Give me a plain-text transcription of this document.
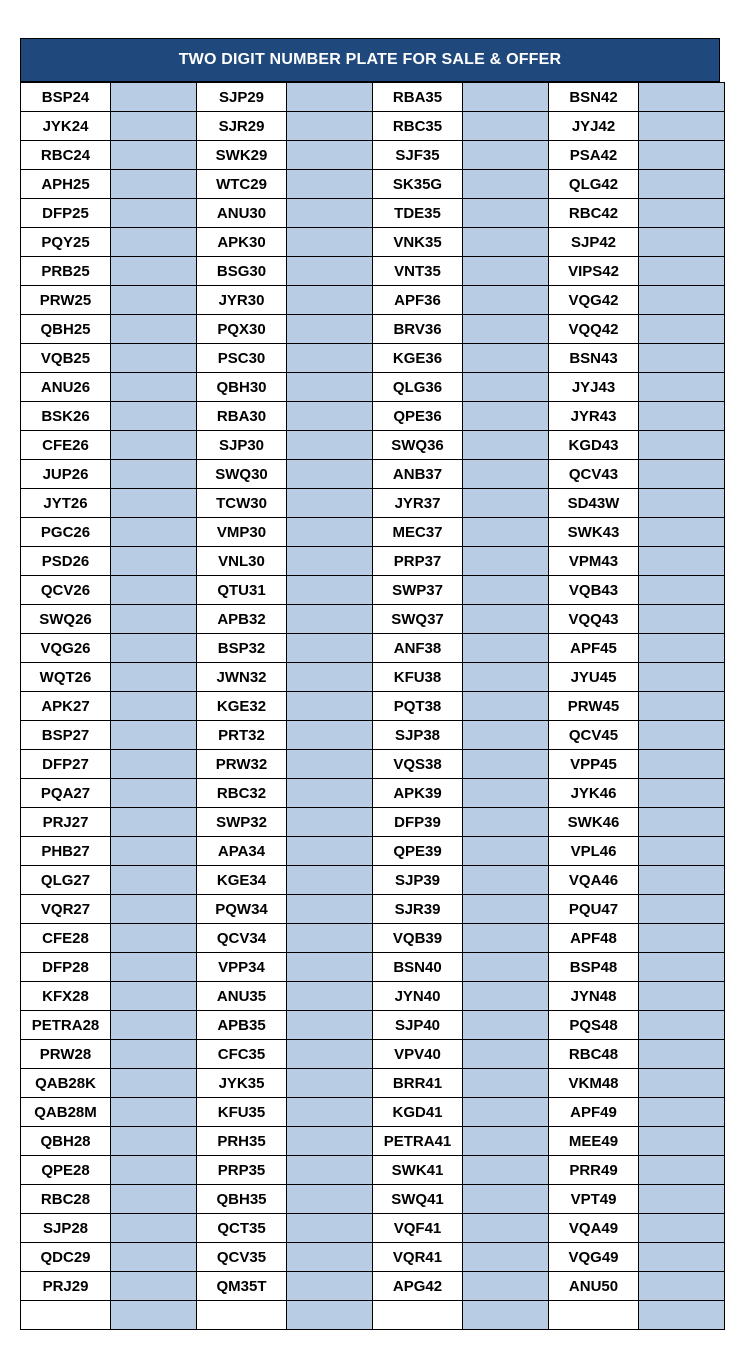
TWO DIGIT NUMBER PLATE FOR SALE & OFFER
BSP24		SJP29		RBA35		BSN42	
JYK24		SJR29		RBC35		JYJ42	
RBC24		SWK29		SJF35		PSA42	
APH25		WTC29		SK35G		QLG42	
DFP25		ANU30		TDE35		RBC42	
PQY25		APK30		VNK35		SJP42	
PRB25		BSG30		VNT35		VIPS42	
PRW25		JYR30		APF36		VQG42	
QBH25		PQX30		BRV36		VQQ42	
VQB25		PSC30		KGE36		BSN43	
ANU26		QBH30		QLG36		JYJ43	
BSK26		RBA30		QPE36		JYR43	
CFE26		SJP30		SWQ36		KGD43	
JUP26		SWQ30		ANB37		QCV43	
JYT26		TCW30		JYR37		SD43W	
PGC26		VMP30		MEC37		SWK43	
PSD26		VNL30		PRP37		VPM43	
QCV26		QTU31		SWP37		VQB43	
SWQ26		APB32		SWQ37		VQQ43	
VQG26		BSP32		ANF38		APF45	
WQT26		JWN32		KFU38		JYU45	
APK27		KGE32		PQT38		PRW45	
BSP27		PRT32		SJP38		QCV45	
DFP27		PRW32		VQS38		VPP45	
PQA27		RBC32		APK39		JYK46	
PRJ27		SWP32		DFP39		SWK46	
PHB27		APA34		QPE39		VPL46	
QLG27		KGE34		SJP39		VQA46	
VQR27		PQW34		SJR39		PQU47	
CFE28		QCV34		VQB39		APF48	
DFP28		VPP34		BSN40		BSP48	
KFX28		ANU35		JYN40		JYN48	
PETRA28		APB35		SJP40		PQS48	
PRW28		CFC35		VPV40		RBC48	
QAB28K		JYK35		BRR41		VKM48	
QAB28M		KFU35		KGD41		APF49	
QBH28		PRH35		PETRA41		MEE49	
QPE28		PRP35		SWK41		PRR49	
RBC28		QBH35		SWQ41		VPT49	
SJP28		QCT35		VQF41		VQA49	
QDC29		QCV35		VQR41		VQG49	
PRJ29		QM35T		APG42		ANU50	
